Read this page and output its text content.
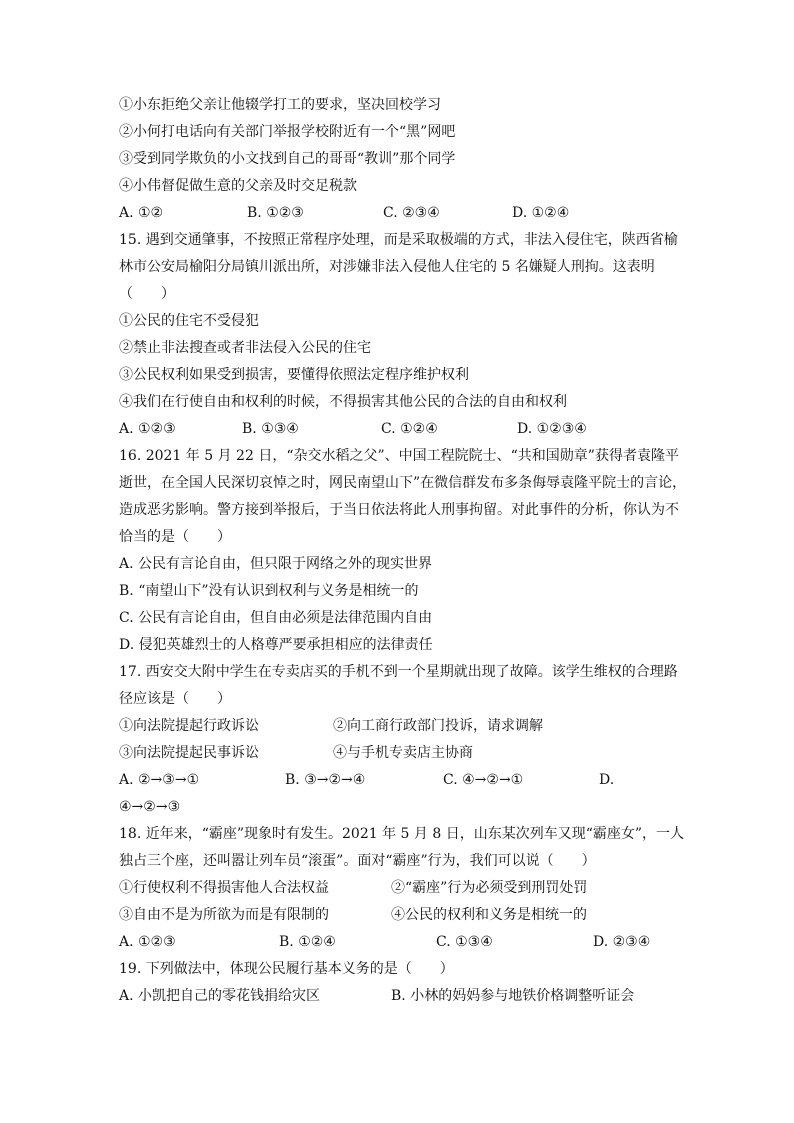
①小东拒绝父亲让他辍学打工的要求，坚决回校学习
②小何打电话向有关部门举报学校附近有一个“黑”网吧
③受到同学欺负的小文找到自己的哥哥“教训”那个同学
④小伟督促做生意的父亲及时交足税款
A. ①②	B. ①②③	C. ②③④	D. ①②④
15. 遇到交通肇事，不按照正常程序处理，而是采取极端的方式，非法入侵住宅，陕西省榆
林市公安局榆阳分局镇川派出所，对涉嫌非法入侵他人住宅的 5 名嫌疑人刑拘。这表明
（　　）
①公民的住宅不受侵犯
②禁止非法搜查或者非法侵入公民的住宅
③公民权利如果受到损害，要懂得依照法定程序维护权利
④我们在行使自由和权利的时候，不得损害其他公民的合法的自由和权利
A. ①②③	B. ①③④	C. ①②④	D. ①②③④
16. 2021 年 5 月 22 日，“杂交水稻之父”、中国工程院院士、“共和国勋章”获得者袁隆平
逝世，在全国人民深切哀悼之时，网民南望山下”在微信群发布多条侮辱袁隆平院士的言论，
造成恶劣影响。警方接到举报后，于当日依法将此人刑事拘留。对此事件的分析，你认为不
恰当的是（　　）
A. 公民有言论自由，但只限于网络之外的现实世界
B. “南望山下”没有认识到权利与义务是相统一的
C. 公民有言论自由，但自由必须是法律范围内自由
D. 侵犯英雄烈士的人格尊严要承担相应的法律责任
17. 西安交大附中学生在专卖店买的手机不到一个星期就出现了故障。该学生维权的合理路
径应该是（　　）
①向法院提起行政诉讼	②向工商行政部门投诉，请求调解
③向法院提起民事诉讼	④与手机专卖店主协商
A. ②→③→①	B. ③→②→④	C. ④→②→①	D.
④→②→③
18. 近年来，“霸座”现象时有发生。2021 年 5 月 8 日，山东某次列车又现“霸座女”，一人
独占三个座，还叫嚣让列车员“滚蛋”。面对“霸座”行为，我们可以说（　　）
①行使权利不得损害他人合法权益	②“霸座”行为必须受到刑罚处罚
③自由不是为所欲为而是有限制的	④公民的权利和义务是相统一的
A. ①②③	B. ①②④	C. ①③④	D. ②③④
19. 下列做法中，体现公民履行基本义务的是（　　）
A. 小凯把自己的零花钱捐给灾区	B. 小林的妈妈参与地铁价格调整听证会
